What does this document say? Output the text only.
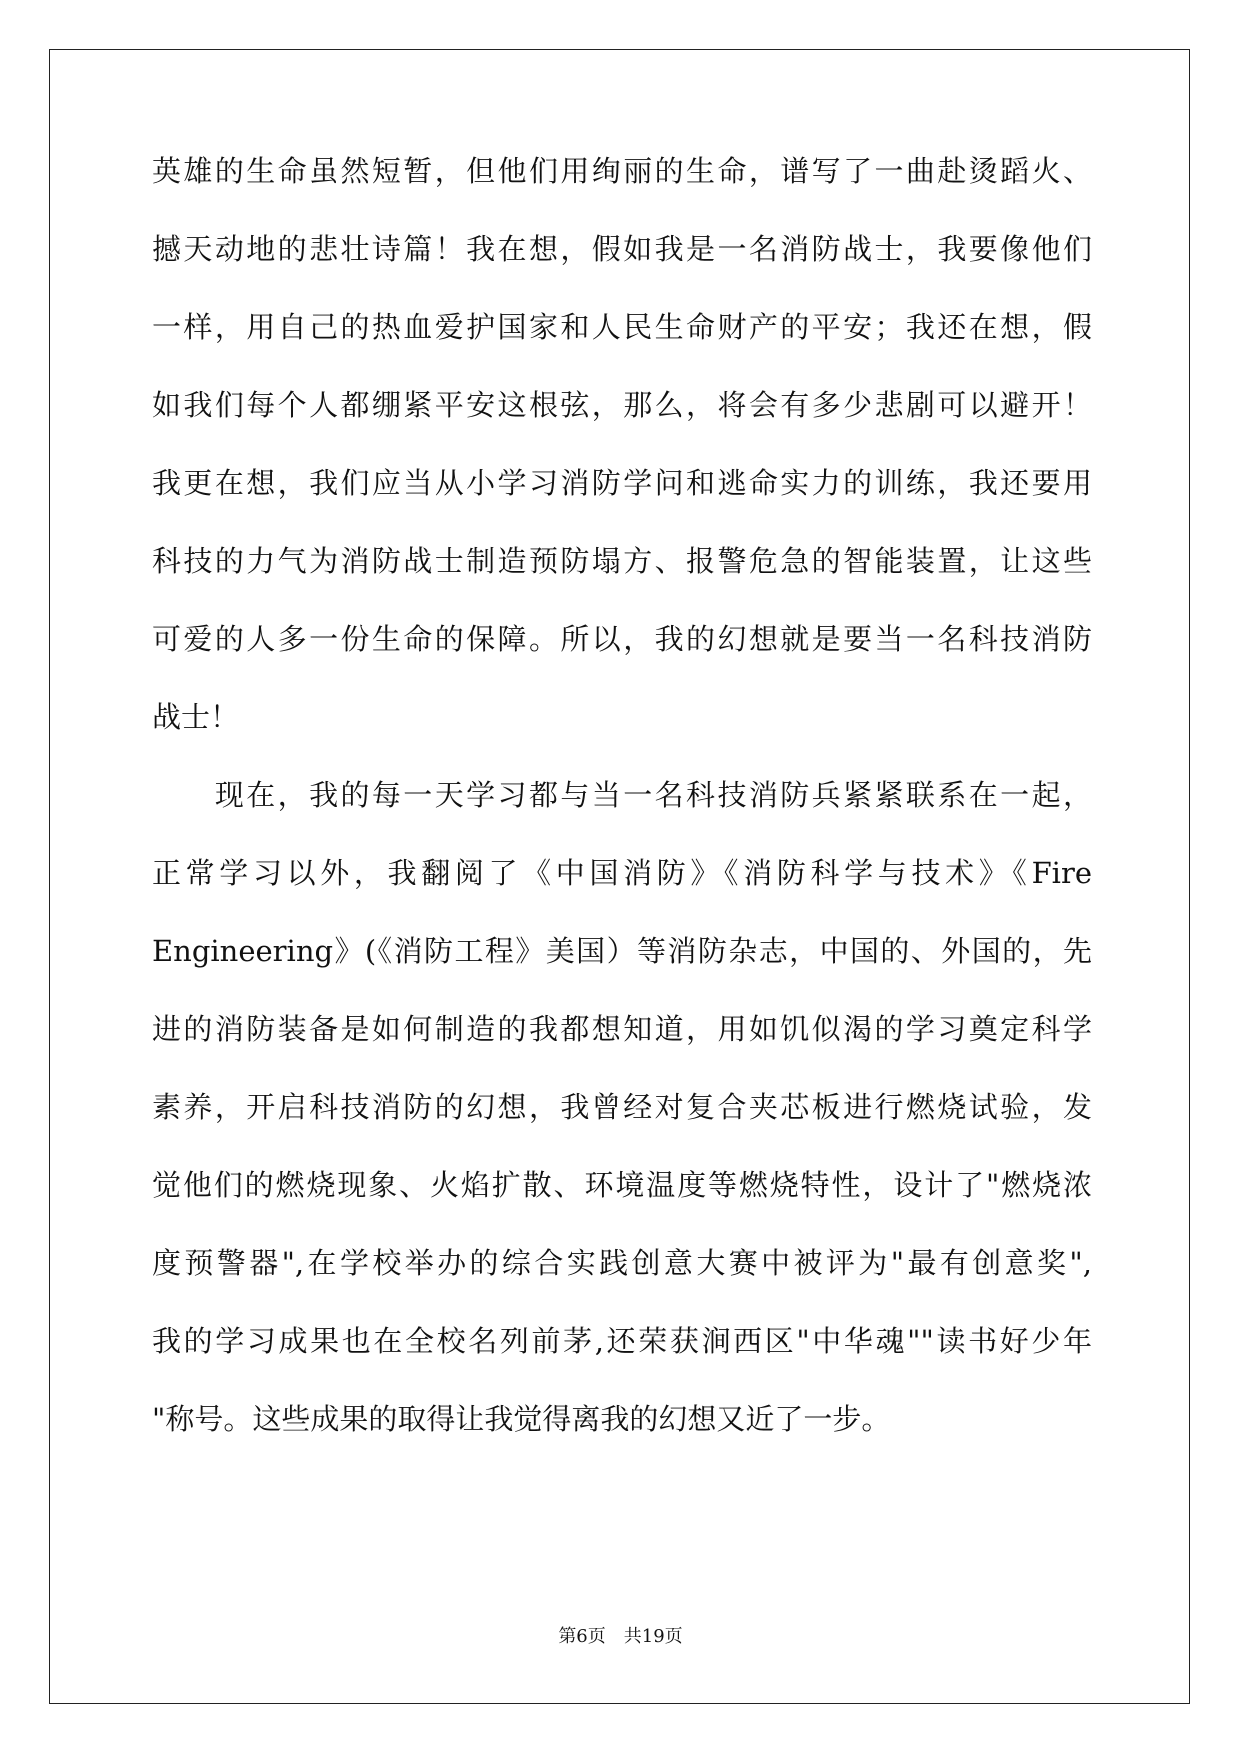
英雄的生命虽然短暂，但他们用绚丽的生命，谱写了一曲赴烫蹈火、
撼天动地的悲壮诗篇！我在想，假如我是一名消防战士，我要像他们
一样，用自己的热血爱护国家和人民生命财产的平安；我还在想，假
如我们每个人都绷紧平安这根弦，那么，将会有多少悲剧可以避开！
我更在想，我们应当从小学习消防学问和逃命实力的训练，我还要用
科技的力气为消防战士制造预防塌方、报警危急的智能装置，让这些
可爱的人多一份生命的保障。所以，我的幻想就是要当一名科技消防
战士！
　　现在，我的每一天学习都与当一名科技消防兵紧紧联系在一起，
正常学习以外，我翻阅了《中国消防》《消防科学与技术》《Fire
Engineering》(《消防工程》美国）等消防杂志，中国的、外国的，先
进的消防装备是如何制造的我都想知道，用如饥似渴的学习奠定科学
素养，开启科技消防的幻想，我曾经对复合夹芯板进行燃烧试验，发
觉他们的燃烧现象、火焰扩散、环境温度等燃烧特性，设计了"燃烧浓
度预警器",在学校举办的综合实践创意大赛中被评为"最有创意奖",
我的学习成果也在全校名列前茅,还荣获涧西区"中华魂""读书好少年
"称号。这些成果的取得让我觉得离我的幻想又近了一步。
第6页　共19页
